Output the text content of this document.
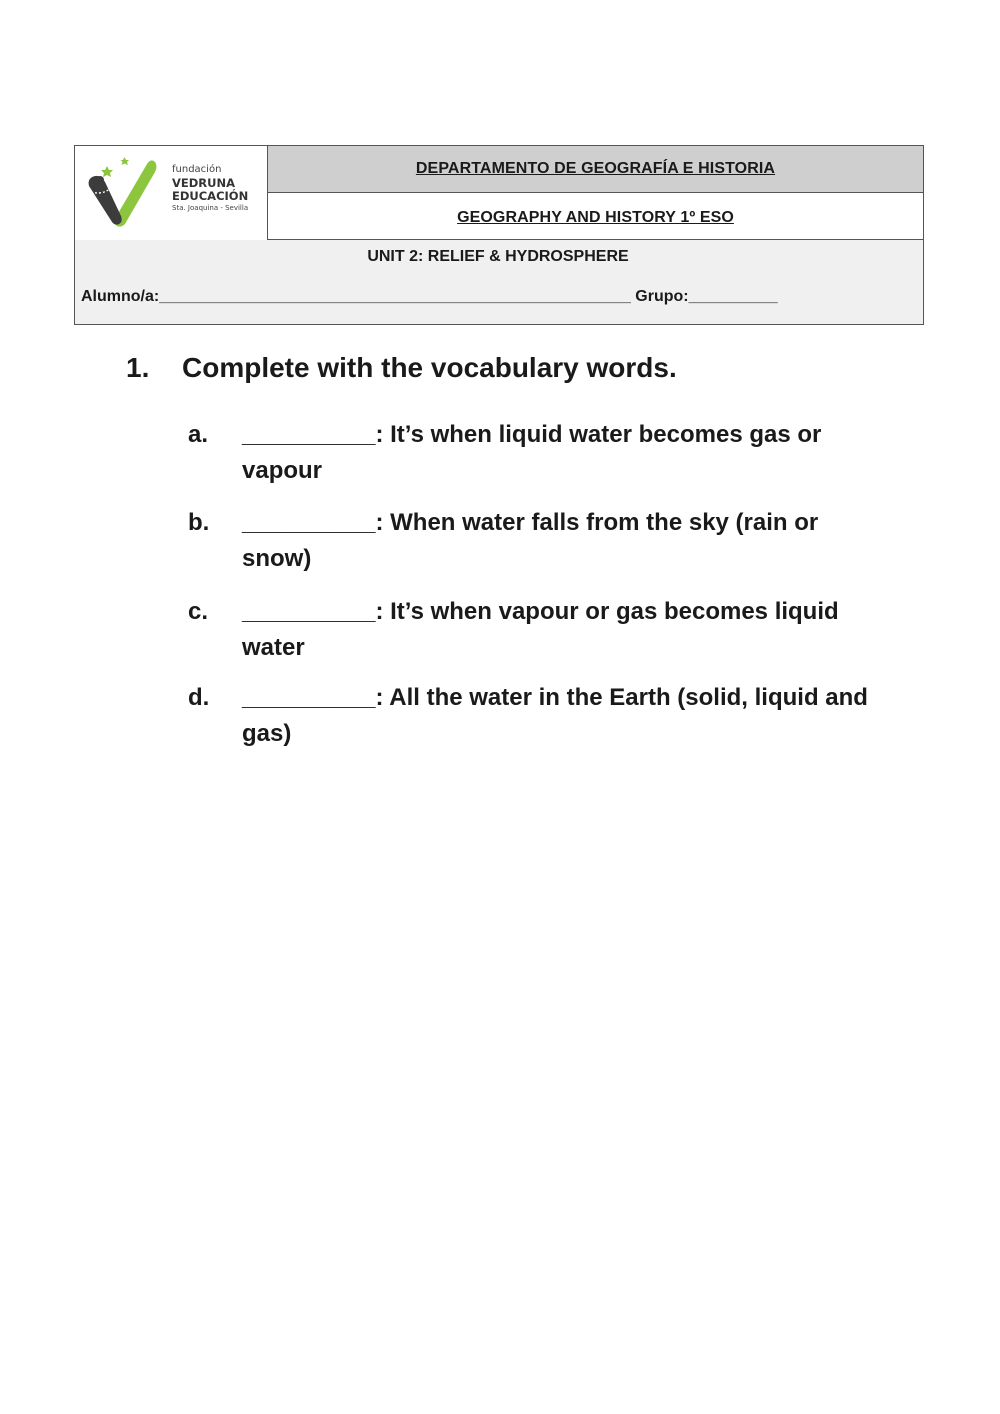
fundación
VEDRUNA
EDUCACIÓN
Sta. Joaquina - Sevilla
DEPARTAMENTO DE GEOGRAFÍA E HISTORIA
GEOGRAPHY AND HISTORY 1º ESO
UNIT 2: RELIEF & HYDROSPHERE
Alumno/a:_____________________________________________________ Grupo:__________
1. Complete with the vocabulary words.
a. __________: It’s when liquid water becomes gas or vapour
b. __________: When water falls from the sky (rain or snow)
c. __________: It’s when vapour or gas becomes liquid water
d. __________: All the water in the Earth (solid, liquid and gas)
